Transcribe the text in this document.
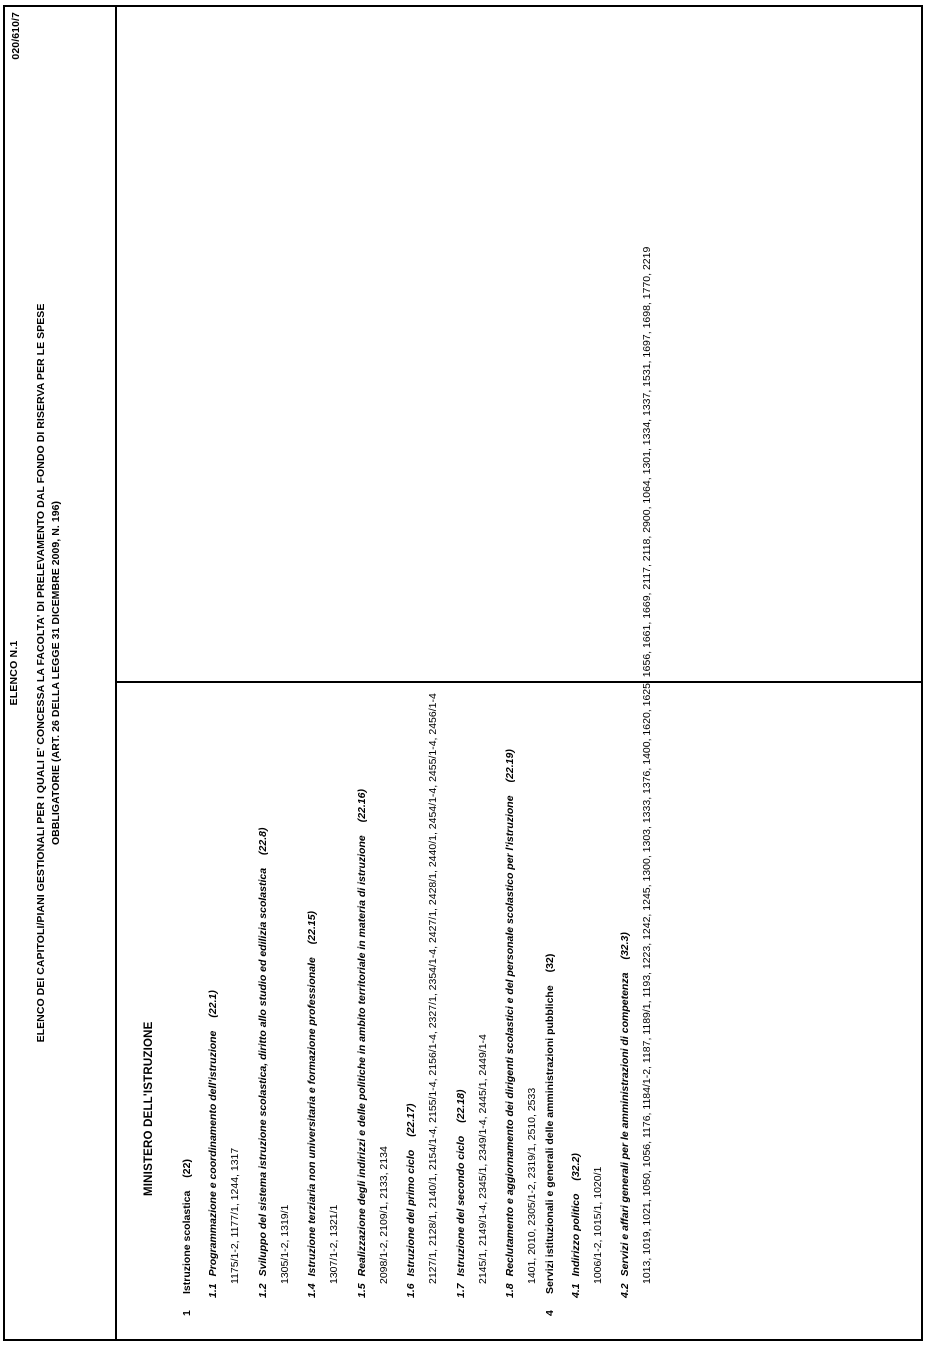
020/610/7
ELENCO N.1 ELENCO DEI CAPITOLI/PIANI GESTIONALI PER I QUALI E' CONCESSA LA FACOLTA' DI PRELEVAMENTO DAL FONDO DI RISERVA PER LE SPESE OBBLIGATORIE (ART. 26 DELLA LEGGE 31 DICEMBRE 2009, N. 196)
MINISTERO DELL'ISTRUZIONE
1Istruzione scolastica(22)
1.1Programmazione e coordinamento dell'istruzione(22.1)
1175/1-2, 1177/1, 1244, 1317
1.2Sviluppo del sistema istruzione scolastica, diritto allo studio ed edilizia scolastica(22.8)
1305/1-2, 1319/1
1.4Istruzione terziaria non universitaria e formazione professionale(22.15)
1307/1-2, 1321/1
1.5Realizzazione degli indirizzi e delle politiche in ambito territoriale in materia di istruzione(22.16)
2098/1-2, 2109/1, 2133, 2134
1.6Istruzione del primo ciclo(22.17) 2127/1, 2128/1, 2140/1, 2154/1-4, 2155/1-4, 2156/1-4, 2327/1, 2354/1-4, 2427/1, 2428/1, 2440/1, 2454/1-4, 2455/1-4, 2456/1-4
1.7Istruzione del secondo ciclo(22.18) 2145/1, 2149/1-4, 2345/1, 2349/1-4, 2445/1, 2449/1-4
1.8Reclutamento e aggiornamento dei dirigenti scolastici e del personale scolastico per l'istruzione(22.19)
1401, 2010, 2305/1-2, 2319/1, 2510, 2533
4Servizi istituzionali e generali delle amministrazioni pubbliche(32)
4.1Indirizzo politico(32.2) 1006/1-2, 1015/1, 1020/1
4.2Servizi e affari generali per le amministrazioni di competenza(32.3) 1013, 1019, 1021, 1050, 1056, 1176, 1184/1-2, 1187, 1189/1, 1193, 1223, 1242, 1245, 1300, 1303, 1333, 1376, 1400, 1620, 1625, 1656, 1661, 1669, 2117, 2118, 2900, 1064, 1301, 1334, 1337, 1531, 1697, 1698, 1770, 2219
